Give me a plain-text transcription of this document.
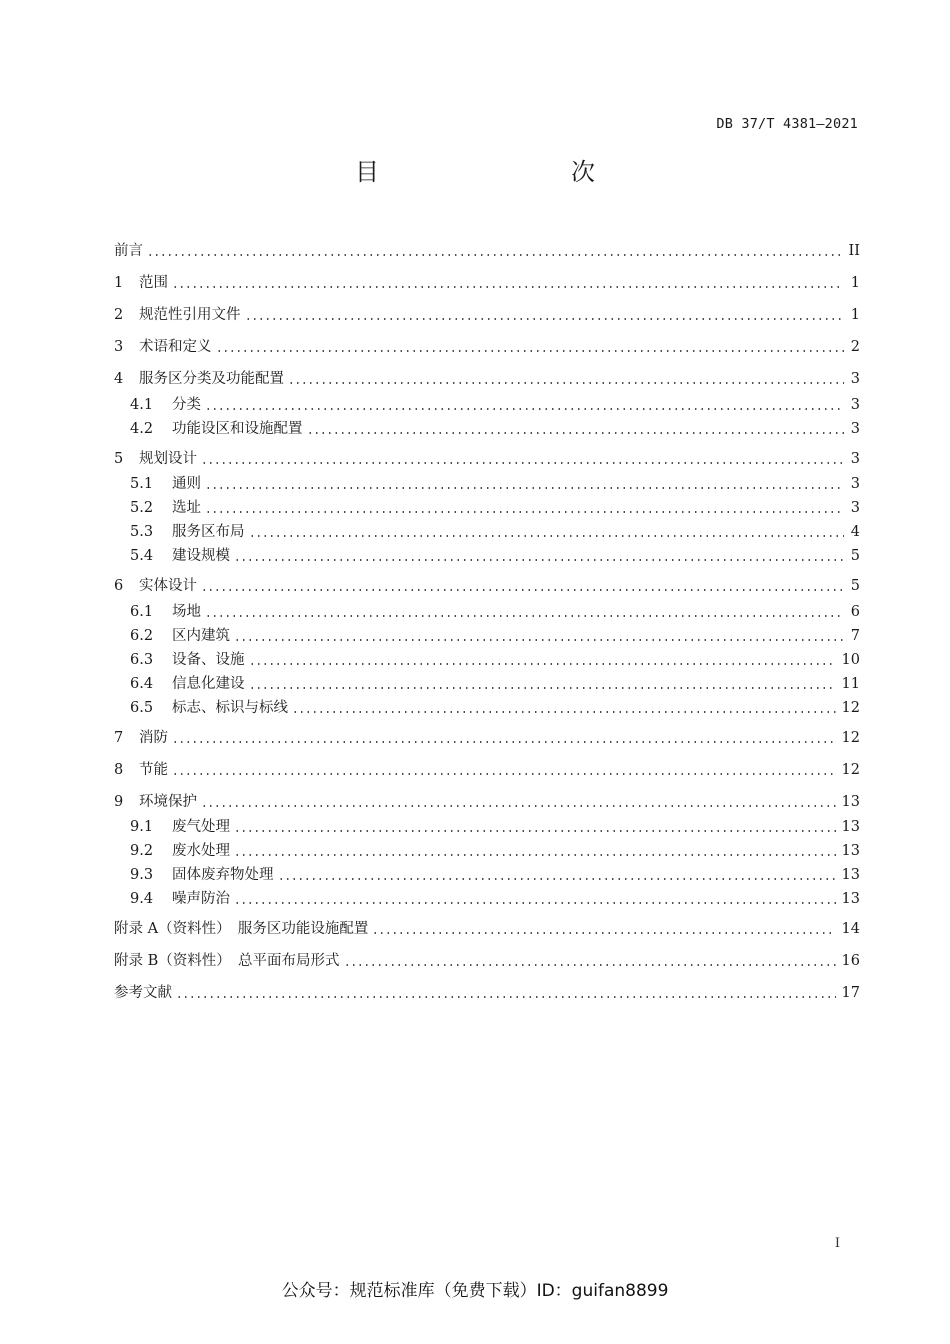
DB 37/T 4381—2021
目　　次
前言	II
1	范围	1
2	规范性引用文件	1
3	术语和定义	2
4	服务区分类及功能配置	3
4.1	分类	3
4.2	功能设区和设施配置	3
5	规划设计	3
5.1	通则	3
5.2	选址	3
5.3	服务区布局	4
5.4	建设规模	5
6	实体设计	5
6.1	场地	6
6.2	区内建筑	7
6.3	设备、设施	10
6.4	信息化建设	11
6.5	标志、标识与标线	12
7	消防	12
8	节能	12
9	环境保护	13
9.1	废气处理	13
9.2	废水处理	13
9.3	固体废弃物处理	13
9.4	噪声防治	13
附录 A（资料性）　服务区功能设施配置	14
附录 B（资料性）　总平面布局形式	16
参考文献	17
I
公众号：规范标准库（免费下载）ID：guifan8899
